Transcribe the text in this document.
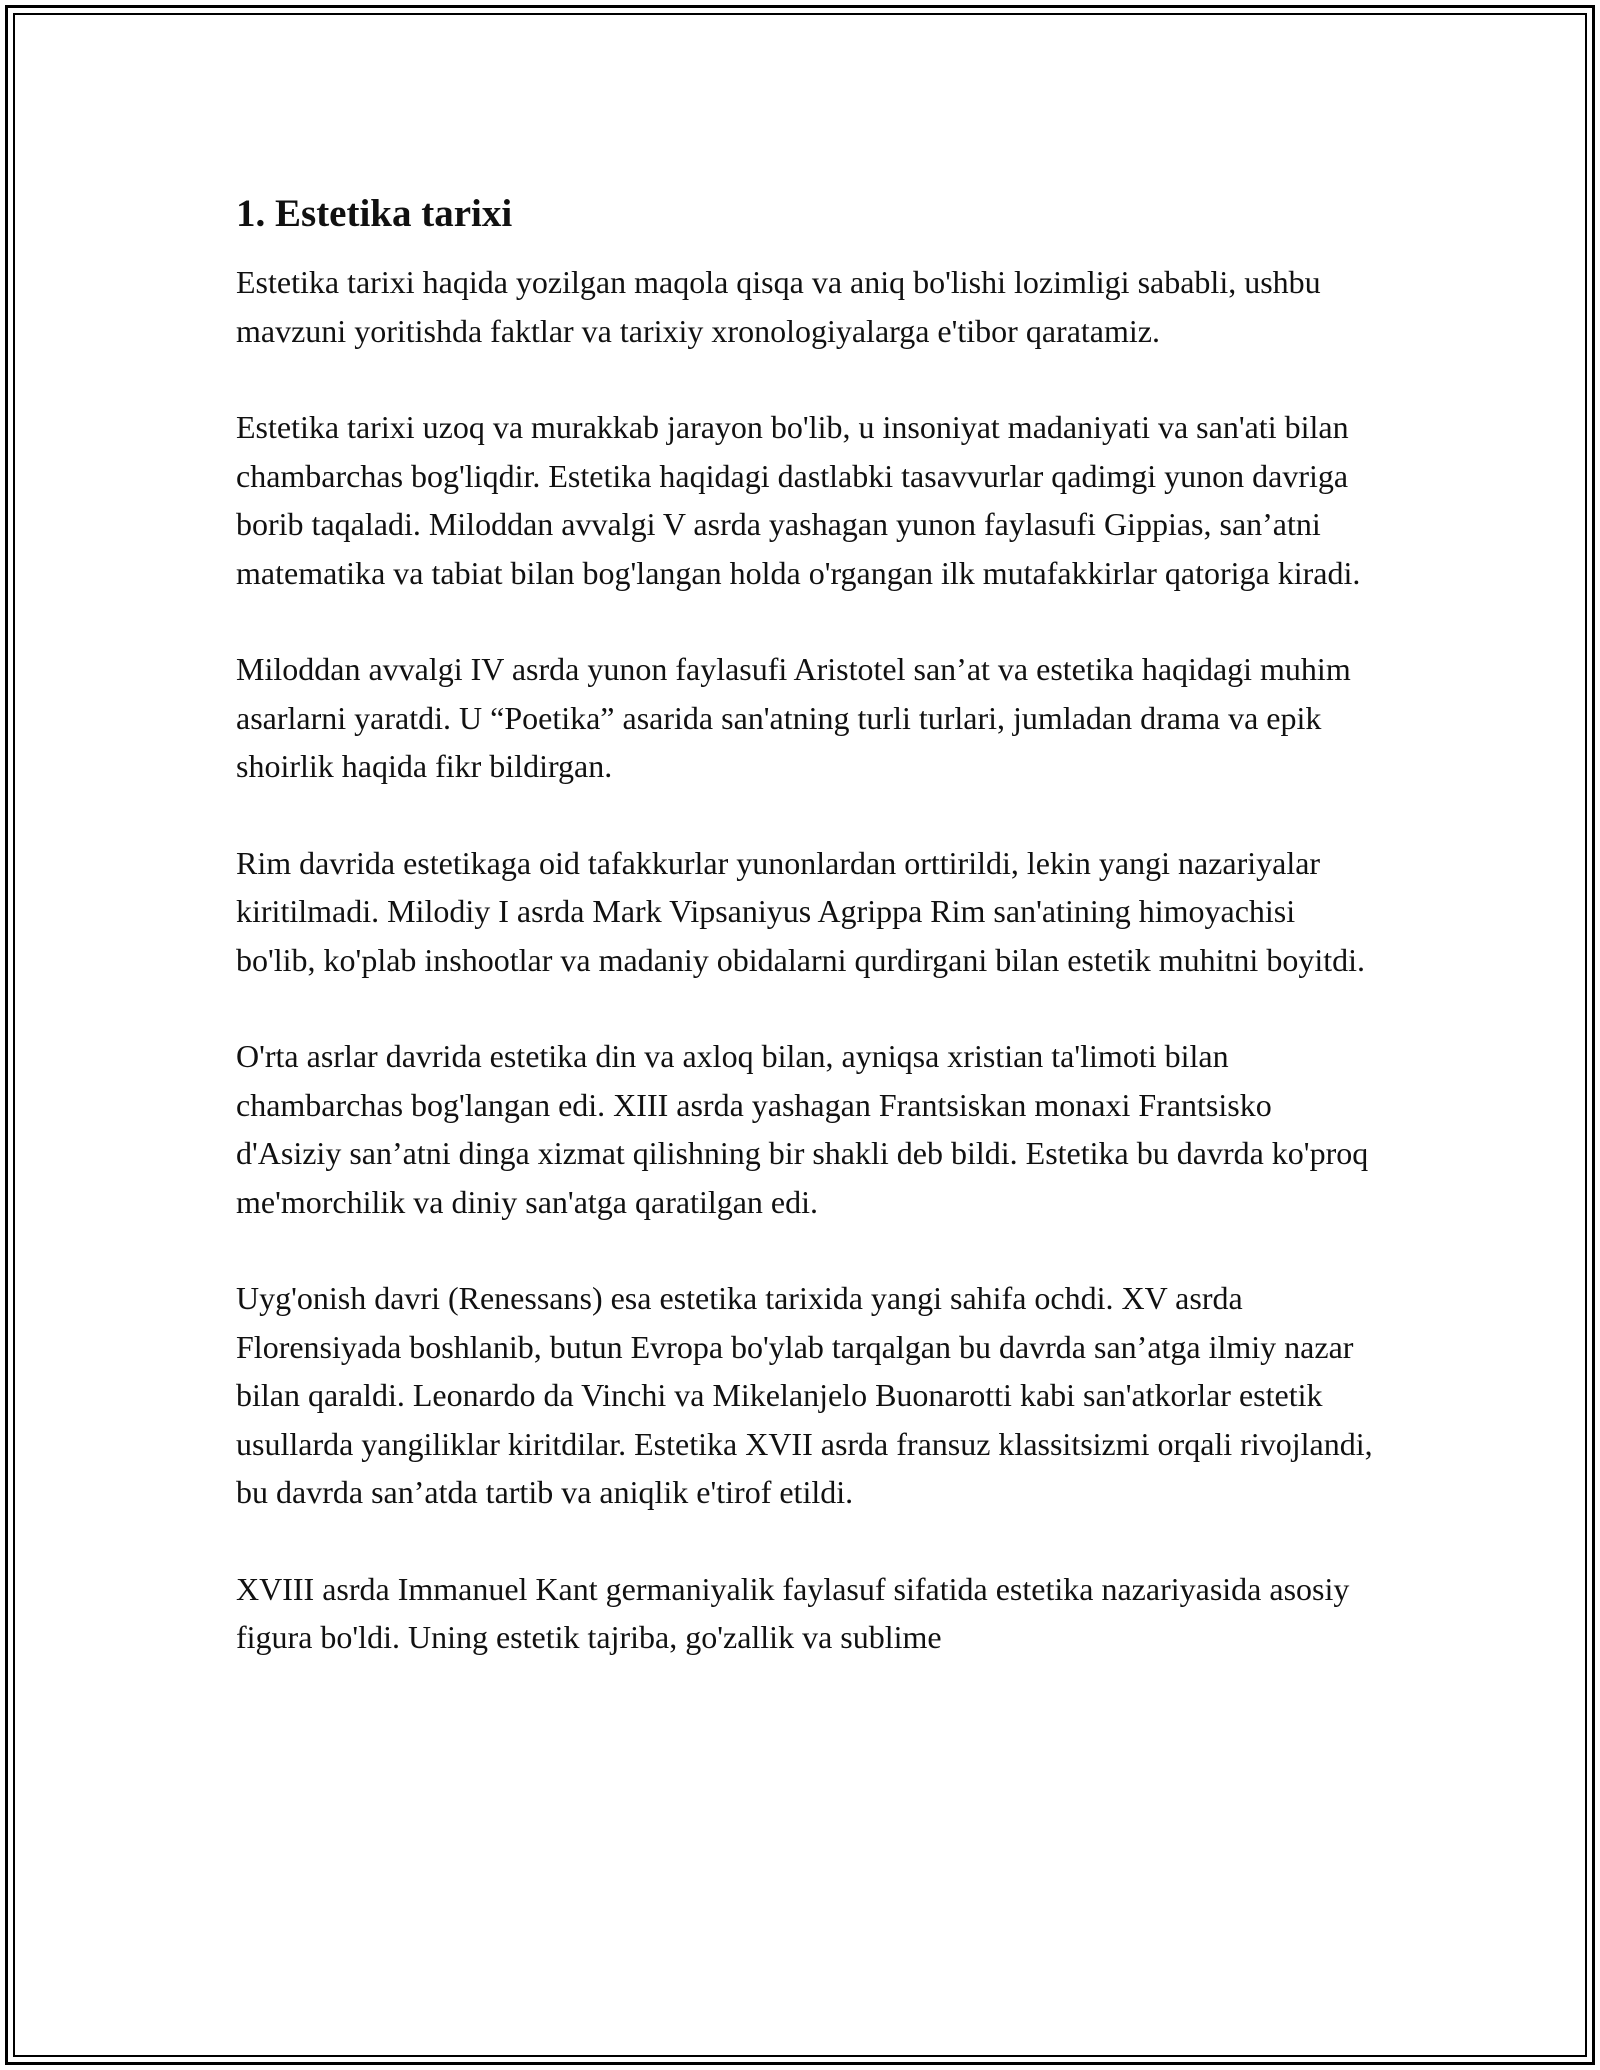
1. Estetika tarixi

Estetika tarixi haqida yozilgan maqola qisqa va aniq bo'lishi lozimligi sababli, ushbu mavzuni yoritishda faktlar va tarixiy xronologiyalarga e'tibor qaratamiz.

Estetika tarixi uzoq va murakkab jarayon bo'lib, u insoniyat madaniyati va san'ati bilan chambarchas bog'liqdir. Estetika haqidagi dastlabki tasavvurlar qadimgi yunon davriga borib taqaladi. Miloddan avvalgi V asrda yashagan yunon faylasufi Gippias, san’atni matematika va tabiat bilan bog'langan holda o'rgangan ilk mutafakkirlar qatoriga kiradi.

Miloddan avvalgi IV asrda yunon faylasufi Aristotel san’at va estetika haqidagi muhim asarlarni yaratdi. U “Poetika” asarida san'atning turli turlari, jumladan drama va epik shoirlik haqida fikr bildirgan.

Rim davrida estetikaga oid tafakkurlar yunonlardan orttirildi, lekin yangi nazariyalar kiritilmadi. Milodiy I asrda Mark Vipsaniyus Agrippa Rim san'atining himoyachisi bo'lib, ko'plab inshootlar va madaniy obidalarni qurdirgani bilan estetik muhitni boyitdi.

O'rta asrlar davrida estetika din va axloq bilan, ayniqsa xristian ta'limoti bilan chambarchas bog'langan edi. XIII asrda yashagan Frantsiskan monaxi Frantsisko d'Asiziy san’atni dinga xizmat qilishning bir shakli deb bildi. Estetika bu davrda ko'proq me'morchilik va diniy san'atga qaratilgan edi.

Uyg'onish davri (Renessans) esa estetika tarixida yangi sahifa ochdi. XV asrda Florensiyada boshlanib, butun Evropa bo'ylab tarqalgan bu davrda san’atga ilmiy nazar bilan qaraldi. Leonardo da Vinchi va Mikelanjelo Buonarotti kabi san'atkorlar estetik usullarda yangiliklar kiritdilar. Estetika XVII asrda fransuz klassitsizmi orqali rivojlandi, bu davrda san’atda tartib va aniqlik e'tirof etildi.

XVIII asrda Immanuel Kant germaniyalik faylasuf sifatida estetika nazariyasida asosiy figura bo'ldi. Uning estetik tajriba, go'zallik va sublime
